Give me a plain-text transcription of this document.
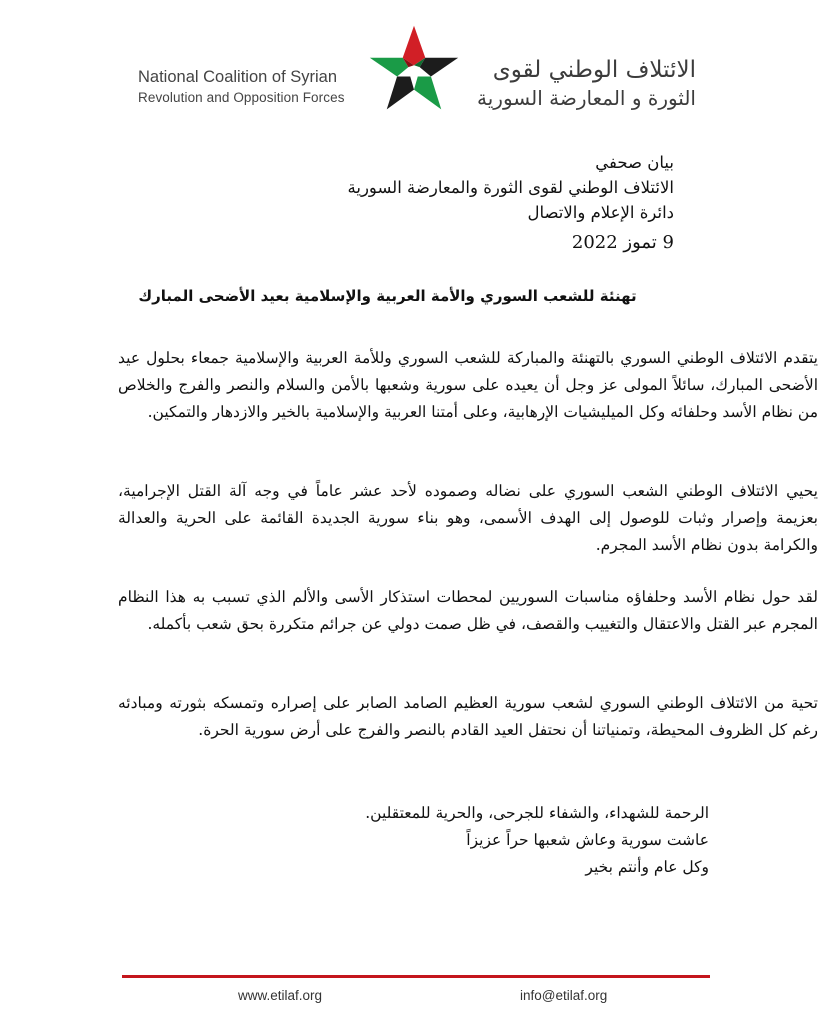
National Coalition of Syrian
Revolution and Opposition Forces
الائتلاف الوطني لقوى
الثورة و المعارضة السورية
بيان صحفي
الائتلاف الوطني لقوى الثورة والمعارضة السورية
دائرة الإعلام والاتصال
9 تموز 2022
تهنئة للشعب السوري والأمة العربية والإسلامية بعيد الأضحى المبارك

يتقدم الائتلاف الوطني السوري بالتهنئة والمباركة للشعب السوري وللأمة العربية والإسلامية جمعاء بحلول عيد الأضحى المبارك، سائلاً المولى عز وجل أن يعيده على سورية وشعبها بالأمن والسلام والنصر والفرج والخلاص من نظام الأسد وحلفائه وكل الميليشيات الإرهابية، وعلى أمتنا العربية والإسلامية بالخير والازدهار والتمكين.

يحيي الائتلاف الوطني الشعب السوري على نضاله وصموده لأحد عشر عاماً في وجه آلة القتل الإجرامية، بعزيمة وإصرار وثبات للوصول إلى الهدف الأسمى، وهو بناء سورية الجديدة القائمة على الحرية والعدالة والكرامة بدون نظام الأسد المجرم.

لقد حول نظام الأسد وحلفاؤه مناسبات السوريين لمحطات استذكار الأسى والألم الذي تسبب به هذا النظام المجرم عبر القتل والاعتقال والتغييب والقصف، في ظل صمت دولي عن جرائم متكررة بحق شعب بأكمله.

تحية من الائتلاف الوطني السوري لشعب سورية العظيم الصامد الصابر على إصراره وتمسكه بثورته ومبادئه رغم كل الظروف المحيطة، وتمنياتنا أن نحتفل العيد القادم بالنصر والفرج على أرض سورية الحرة.

الرحمة للشهداء، والشفاء للجرحى، والحرية للمعتقلين.
عاشت سورية وعاش شعبها حراً عزيزاً
وكل عام وأنتم بخير
www.etilaf.org	info@etilaf.org
